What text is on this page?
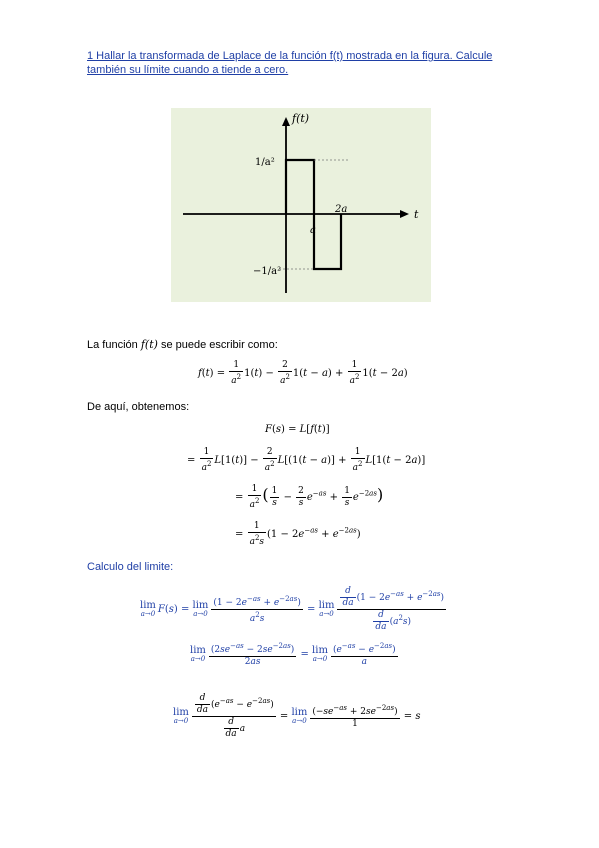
1 Hallar la transformada de Laplace de la función f(t) mostrada en la figura. Calcule también su límite cuando a tiende a cero.
f(t)
t
1/a²
−1/a²
a
2a
La función f(t) se puede escribir como:
$f(t) = \frac{1}{a^2} 1(t) - \frac{2}{a^2} 1(t - a) + \frac{1}{a^2} 1(t - 2a)$
De aquí, obtenemos:
F(s) = L[f(t)]
= $\frac{1}{a^2} L[1(t)] - \frac{2}{a^2} L[(1(t - a)] + \frac{1}{a^2} L[1(t - 2a)]$
= $\frac{1}{a^2}$ ( $\frac{1}{s} - \frac{2}{s} e^{-as} + \frac{1}{s} e^{-2as}$)
= $\frac{1}{a^2s} (1 - 2e^{-as} + e^{-2as})$
Calculo del limite:
lim
a→0 F(s) = lim
$a\to 0 \frac{(1 - 2e^{-as} + e^{-2as})}{a^2s} = \lim$
$a\to 0 \frac{\frac{d}{da} (1 - 2e^{-as} + e^{-2as})}{\frac{d}{da} (a^2s)}$
lim
$a\to 0 \frac{(2se^{-as} - 2se^{-2as})}{2as} = \lim$
$a\to 0 \frac{(e^{-as} - e^{-2as})}{a}$
lim
$a\to 0 \frac{\frac{d}{da} (e^{-as} - e^{-2as})}{\frac{d}{da} a} = \lim$
$a\to 0 \frac{(-se^{-as} + 2se^{-2as})}{1} = s$
